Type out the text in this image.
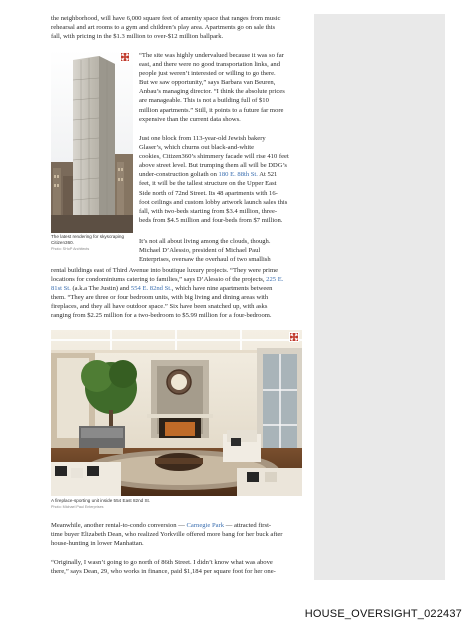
the neighborhood, will have 6,000 square feet of amenity space that ranges from music
rehearsal and art rooms to a gym and children’s play area. Apartments go on sale this
fall, with pricing in the $1.3 million to over-$12 million ballpark.
The latest rendering for skyscraping
Citizen360.
Photo: SHoP Architects
“The site was highly undervalued because it was so far
east, and there were no good transportation links, and
people just weren’t interested or willing to go there.
But we saw opportunity,” says Barbara van Beuren,
Anbau’s managing director. “I think the absolute prices
are manageable. This is not a building full of $10
million apartments.” Still, it points to a future far more
expensive than the current data shows.
Just one block from 113-year-old Jewish bakery
Glaser’s, which churns out black-and-white
cookies, Citizen360’s shimmery facade will rise 410 feet
above street level. But trumping them all will be DDG’s
under-construction goliath on 180 E. 88th St. At 521
feet, it will be the tallest structure on the Upper East
Side north of 72nd Street. Its 48 apartments with 16-
foot ceilings and custom lobby artwork launch sales this
fall, with two-beds starting from $3.4 million, three-
beds from $4.5 million and four-beds from $7 million.
It’s not all about living among the clouds, though.
Michael D’Alessio, president of Michael Paul
Enterprises, oversaw the overhaul of two smallish
rental buildings east of Third Avenue into boutique luxury projects. “They were prime
locations for condominiums catering to families,” says D’Alessio of the projects, 225 E.
81st St. (a.k.a The Justin) and 554 E. 82nd St., which have nine apartments between
them. “They are three or four bedroom units, with big living and dining areas with
fireplaces, and they all have outdoor space.” Six have been snatched up, with asks
ranging from $2.25 million for a two-bedroom to $5.99 million for a four-bedroom.
A fireplace-sporting unit inside 554 East 82nd St.
Photo: Michael Paul Enterprises
Meanwhile, another rental-to-condo conversion — Carnegie Park — attracted first-
time buyer Elizabeth Dean, who realized Yorkville offered more bang for her buck after
house-hunting in lower Manhattan.
“Originally, I wasn’t going to go north of 86th Street. I didn’t know what was above
there,” says Dean, 29, who works in finance, paid $1,184 per square foot for her one-
HOUSE_OVERSIGHT_022437
